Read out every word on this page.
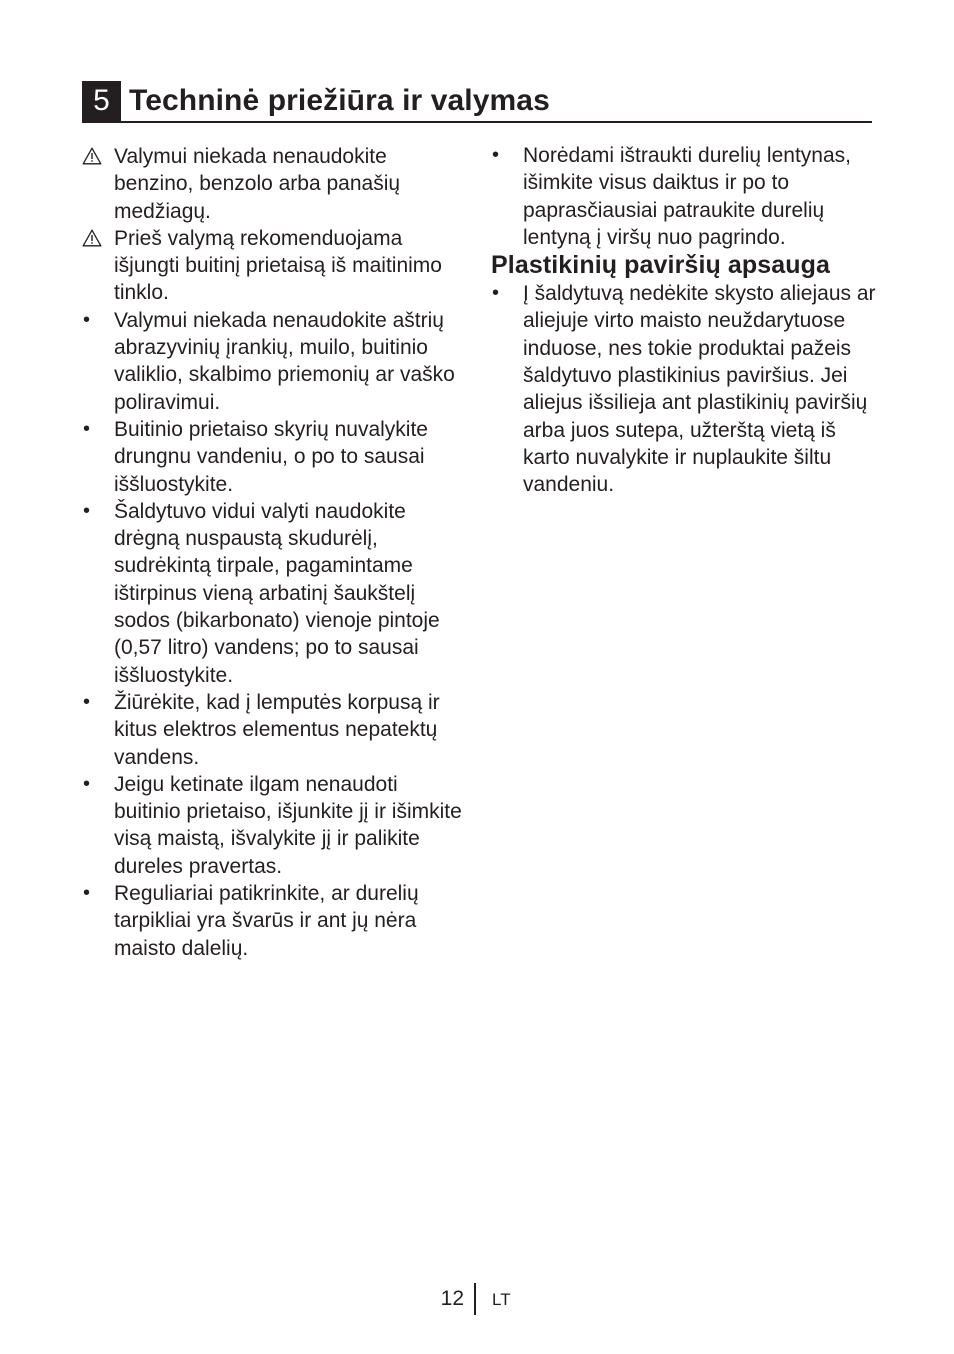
5 Techninė priežiūra ir valymas
Valymui niekada nenaudokite benzino, benzolo arba panašių medžiagų.
Prieš valymą rekomenduojama išjungti buitinį prietaisą iš maitinimo tinklo.
•	Valymui niekada nenaudokite aštrių abrazyvinių įrankių, muilo, buitinio valiklio, skalbimo priemonių ar vaško poliravimui.
•	Buitinio prietaiso skyrių nuvalykite drungnu vandeniu, o po to sausai iššluostykite.
•	Šaldytuvo vidui valyti naudokite drėgną nuspaustą skudurėlį, sudrėkintą tirpale, pagamintame ištirpinus vieną arbatinį šaukštelį sodos (bikarbonato) vienoje pintoje (0,57 litro) vandens; po to sausai iššluostykite.
•	Žiūrėkite, kad į lemputės korpusą ir kitus elektros elementus nepatektų vandens.
•	Jeigu ketinate ilgam nenaudoti buitinio prietaiso, išjunkite jį ir išimkite visą maistą, išvalykite jį ir palikite dureles pravertas.
•	Reguliariai patikrinkite, ar durelių tarpikliai yra švarūs ir ant jų nėra maisto dalelių.
•	Norėdami ištraukti durelių lentynas, išimkite visus daiktus ir po to paprasčiausiai patraukite durelių lentyną į viršų nuo pagrindo.
Plastikinių paviršių apsauga
•	Į šaldytuvą nedėkite skysto aliejaus ar aliejuje virto maisto neuždarytuose induose, nes tokie produktai pažeis šaldytuvo plastikinius paviršius. Jei aliejus išsilieja ant plastikinių paviršių arba juos sutepa, užterštą vietą iš karto nuvalykite ir nuplaukite šiltu vandeniu.
12 LT
